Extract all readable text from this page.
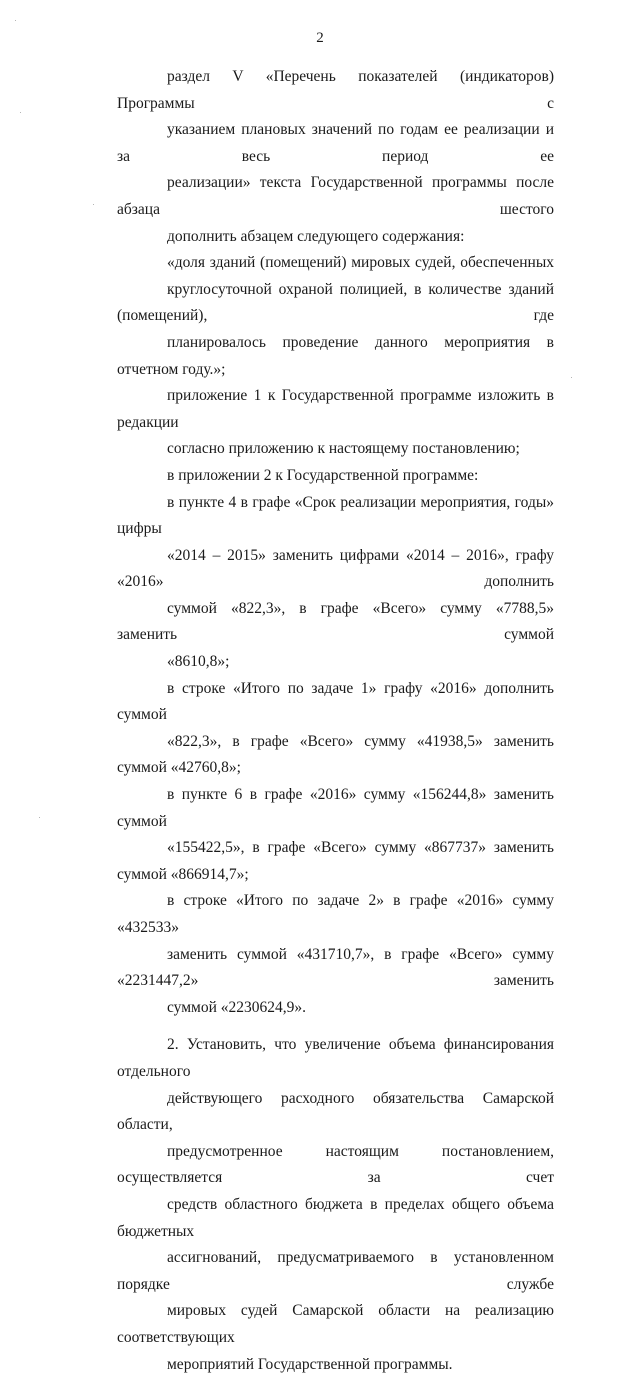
2

раздел V «Перечень показателей (индикаторов) Программы с
указанием плановых значений по годам ее реализации и за весь период ее
реализации» текста Государственной программы после абзаца шестого
дополнить абзацем следующего содержания:

«доля зданий (помещений) мировых судей, обеспеченных
круглосуточной охраной полицией, в количестве зданий (помещений), где
планировалось проведение данного мероприятия в отчетном году.»;

приложение 1 к Государственной программе изложить в редакции
согласно приложению к настоящему постановлению;

в приложении 2 к Государственной программе:

в пункте 4 в графе «Срок реализации мероприятия, годы» цифры
«2014 – 2015» заменить цифрами «2014 – 2016», графу «2016» дополнить
суммой «822,3», в графе «Всего» сумму «7788,5» заменить суммой
«8610,8»;

в строке «Итого по задаче 1» графу «2016» дополнить суммой
«822,3», в графе «Всего» сумму «41938,5» заменить суммой «42760,8»;

в пункте 6 в графе «2016» сумму «156244,8» заменить суммой
«155422,5», в графе «Всего» сумму «867737» заменить суммой «866914,7»;

в строке «Итого по задаче 2» в графе «2016» сумму «432533»
заменить суммой «431710,7», в графе «Всего» сумму «2231447,2» заменить
суммой «2230624,9».

2. Установить, что увеличение объема финансирования отдельного
действующего расходного обязательства Самарской области,
предусмотренное настоящим постановлением, осуществляется за счет
средств областного бюджета в пределах общего объема бюджетных
ассигнований, предусматриваемого в установленном порядке службе
мировых судей Самарской области на реализацию соответствующих
мероприятий Государственной программы.
